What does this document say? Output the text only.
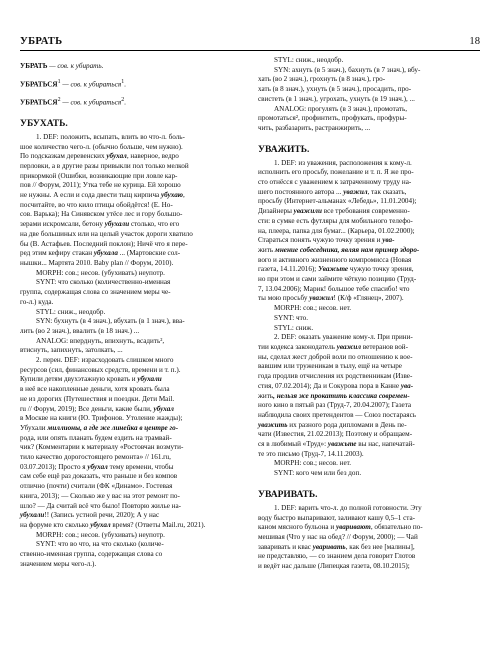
УБРАТЬ	18

УБРАТЬ — сов. к убирать.

УБРАТЬСЯ$^1$ — сов. к убираться$^1$.

УБРАТЬСЯ$^2$ — сов. к убираться$^2$.

УБУХАТЬ.

1. DEF: положить, всыпать, влить во что-л. боль-

шое количество чего-л. (обычно больше, чем нужно).

По подсказкам деревенских убухал, наверное, ведро

перловки, а в другие разы привыкли пол только мелкой

прикормкой (Ошибки, возникающие при ловле кар-

пов // Форум, 2011); Утка тебе не курица. Ей хорошо

не нужны. А если и сода двести тыщ кирпича убухаю,

посчитайте, во что кило птицы обойдётся! (Е. Но-

сов. Варька); На Синявском утёсе лес и гору большо-

зерами искромсали, бетону убухали столько, что его

на две большиных или на целый участок дороги хватило

бы (В. Астафьев. Последний поклон); Ничё что я пере-

ред этим кефиру стакан убухала ... (Мартовские сол-

нышки... Мартята 2010. Baby plan // Форум, 2010).

MORPH: сов.; несов. (убухивать) неупотр.

SYNT: что сколько (количественно-именная

группа, содержащая слова со значением меры че-

го-л.) куда.

STYL: сниж., неодобр.

SYN: бухнуть (в 4 знач.), вбухать (в 1 знач.), вва-

лить (во 2 знач.), ввалить (в 18 знач.) ...

ANALOG: вперднуть, впихнуть, всадить²,

втиснуть, запихнуть, затолкать, ...

2. перен. DEF: израсходовать слишком много

ресурсов (сил, финансовых средств, времени и т. п.).

Купили детям двухэтажную кровать и убухали

в неё все накопленные деньги, хотя кровать была

не из дорогих (Путешествия и поездки. Дети Mail.

ru // Форум, 2019); Все деньги, какие были, убухал

в Москве на книги (Ю. Трифонов. Утоление жажды);

Убухали миллионы, а где же линейка в центре го-

рода, или опять планать будем ездить на трамвай-

чик? (Комментарии к материалу «Ростовчан возмути-

тило качество дорогостоящего ремонта» // 161.ru,

03.07.2013); Просто я убухал тему времени, чтобы

сам себе ещё раз доказать, что раньше и без компов

отлично (почти) считали (ФК «Динамо». Гостевая

книга, 2013); — Сколько же у вас на этот ремонт по-

шло? — Да считай всё что было! Повторю жилье на-

убухали!! (Запись устной речи, 2020); А у нас

на форуме кто сколько убухал время? (Ответы Mail.ru, 2021).

MORPH: сов.; несов. (убухивать) неупотр.

SYNT: что во что, на что сколько (количе-

ственно-именная группа, содержащая слова со

значением меры чего-л.).

STYL: сниж., неодобр.

SYN: ахнуть (в 5 знач.), бахнуть (в 7 знач.), вбу-

хать (во 2 знач.), грохнуть (в 8 знач.), гро-

хать (в 8 знач.), ухнуть (в 5 знач.), просадить, про-

свистеть (в 1 знач.), угрохать, ухнуть (в 19 знач.), ...

ANALOG: прогулять (в 3 знач.), промотать,

промотаться², профинтить, профукать, профуры-

чить, разбазарить, растранжирить, ...

УВАЖИТЬ.

1. DEF: из уважения, расположения к кому-л.

исполнить его просьбу, пожелание и т. п. Я же про-

сто отнёсся с уважением к затраченному труду на-

шего постоянного автора ... уважил, так сказать,

просьбу (Интернет-альманах «Лебедь», 11.01.2004);

Дизайнеры уважили все требования современно-

сти: в сумке есть футляры для мобильного телефо-

на, плеера, папка для бумаг... (Карьера, 01.02.2000);

Стараться понять чужую точку зрения и ува-

жить мнение собеседника, являя нам пример здоро-

вого и активного жизненного компромисса (Новая

газета, 14.11.2016); Уважьте чужую точку зрения,

но при этом и сами займите чёткую позицию (Труд-

7, 13.04.2006); Марик! большое тебе спасибо! что

ты мою просьбу уважил! (К/ф «Глянец», 2007).

MORPH: сов.; несов. нет.

SYNT: что.

STYL: сниж.

2. DEF: оказать уважение кому-л. При прини-

тии кодекса законодатель уважил ветеранов вой-

ны, сделал жест доброй воли по отношению к вое-

вавшим или труженикам в тылу, ещё на четыре

года продлив отчисления их родственникам (Изве-

стия, 07.02.2014); Да и Сокурова пора в Канне ува-

жить, нельзя же прокатить классика современ-

ного кино в пятый раз (Труд-7, 20.04.2007); Газета

наблюдила своих претендентов — Союз постараясь

уважить их разного рода дипломами в День пе-

чати (Известия, 21.02.2013); Поэтому и обращаем-

ся в любимый «Труд»: уважьте вы нас, напечатай-

те это письмо (Труд-7, 14.11.2003).

MORPH: сов.; несов. нет.

SYNT: кого чем или без доп.

УВАРИВАТЬ.

1. DEF: варить что-л. до полной готовности. Эту

воду быстро выпаривают, заливают кашу 0,5–1 ста-

каном мясного бульона и уваривают, обязательно по-

мешивая (Что у нас на обед? // Форум, 2000); — Чай

заваривать и квас уваривать, как без нее [малины],

не представляю, — со знанием дела говорит Глотов

и ведёт нас дальше (Липецкая газета, 08.10.2015);
